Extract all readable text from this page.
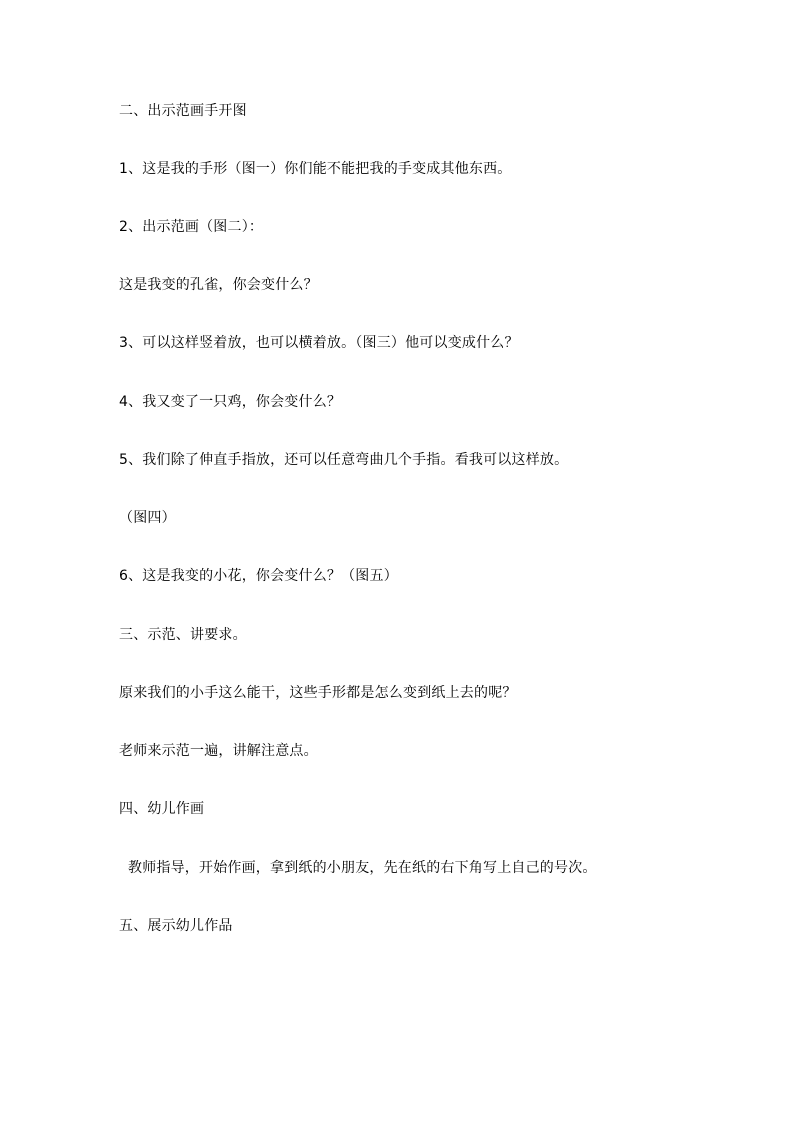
二、出示范画手开图
1、这是我的手形（图一）你们能不能把我的手变成其他东西。
2、出示范画（图二）：
这是我变的孔雀，你会变什么？
3、可以这样竖着放，也可以横着放。（图三）他可以变成什么？
4、我又变了一只鸡，你会变什么？
5、我们除了伸直手指放，还可以任意弯曲几个手指。看我可以这样放。
（图四）
6、这是我变的小花，你会变什么？（图五）
三、示范、讲要求。
原来我们的小手这么能干，这些手形都是怎么变到纸上去的呢？
老师来示范一遍，讲解注意点。
四、幼儿作画
教师指导，开始作画，拿到纸的小朋友，先在纸的右下角写上自己的号次。
五、展示幼儿作品
